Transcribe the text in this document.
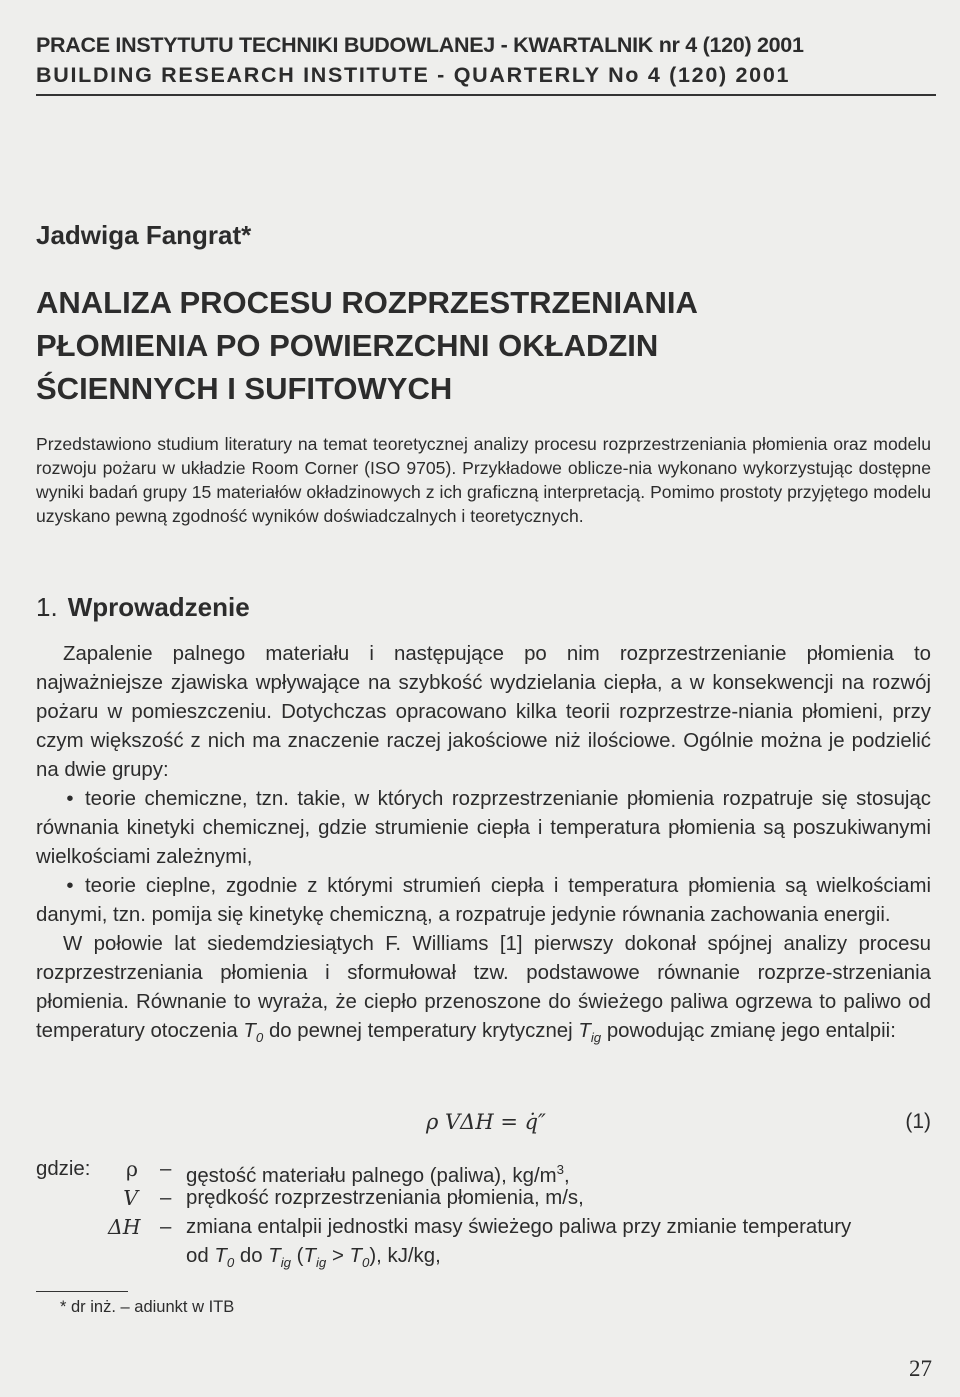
PRACE INSTYTUTU TECHNIKI BUDOWLANEJ - KWARTALNIK nr 4 (120) 2001
BUILDING RESEARCH INSTITUTE - QUARTERLY No 4 (120) 2001
Jadwiga Fangrat*
ANALIZA PROCESU ROZPRZESTRZENIANIA
PŁOMIENIA PO POWIERZCHNI OKŁADZIN
ŚCIENNYCH I SUFITOWYCH
Przedstawiono studium literatury na temat teoretycznej analizy procesu rozprzestrzeniania płomienia oraz modelu rozwoju pożaru w układzie Room Corner (ISO 9705). Przykładowe oblicze-nia wykonano wykorzystując dostępne wyniki badań grupy 15 materiałów okładzinowych z ich graficzną interpretacją. Pomimo prostoty przyjętego modelu uzyskano pewną zgodność wyników doświadczalnych i teoretycznych.
1. Wprowadzenie

Zapalenie palnego materiału i następujące po nim rozprzestrzenianie płomienia to najważniejsze zjawiska wpływające na szybkość wydzielania ciepła, a w konsekwencji na rozwój pożaru w pomieszczeniu. Dotychczas opracowano kilka teorii rozprzestrze-niania płomieni, przy czym większość z nich ma znaczenie raczej jakościowe niż ilościowe. Ogólnie można je podzielić na dwie grupy:

• teorie chemiczne, tzn. takie, w których rozprzestrzenianie płomienia rozpatruje się stosując równania kinetyki chemicznej, gdzie strumienie ciepła i temperatura płomienia są poszukiwanymi wielkościami zależnymi,

• teorie cieplne, zgodnie z którymi strumień ciepła i temperatura płomienia są wielkościami danymi, tzn. pomija się kinetykę chemiczną, a rozpatruje jedynie równania zachowania energii.

W połowie lat siedemdziesiątych F. Williams [1] pierwszy dokonał spójnej analizy procesu rozprzestrzeniania płomienia i sformułował tzw. podstawowe równanie rozprze-strzeniania płomienia. Równanie to wyraża, że ciepło przenoszone do świeżego paliwa ogrzewa to paliwo od temperatury otoczenia $T_0$ do pewnej temperatury krytycznej $T_{ig}$ powodując zmianę jego entalpii:

ρ VΔH = q̇″	(1)
gdzie:	ρ – gęstość materiału palnego (paliwa), $kg/m^3$,
V – prędkość rozprzestrzeniania płomienia, m/s,
ΔH – zmiana entalpii jednostki masy świeżego paliwa przy zmianie temperatury
od $T_0$ do $T_{ig}$ $(T_{ig} > T_0)$, kJ/kg,
* dr inż. – adiunkt w ITB
27
